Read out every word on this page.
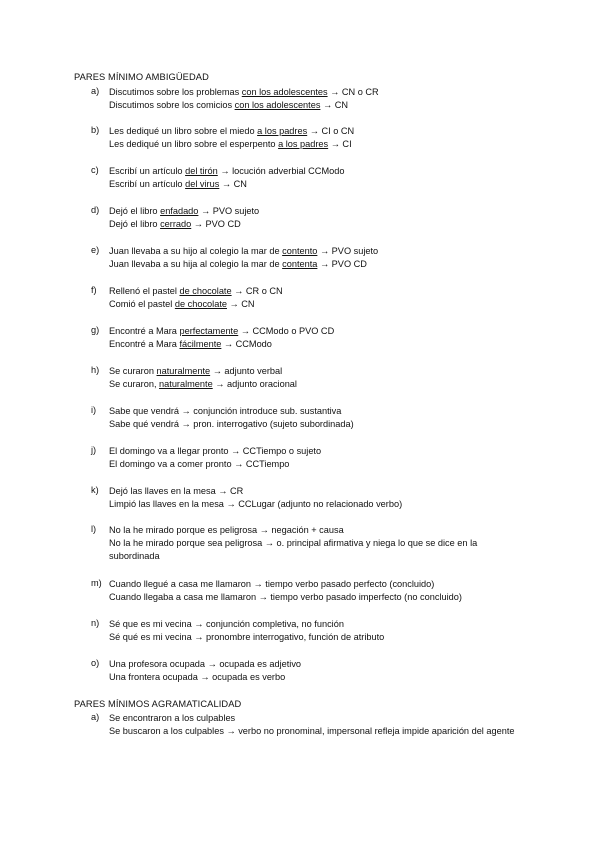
PARES MÍNIMO AMBIGÜEDAD
a) Discutimos sobre los problemas con los adolescentes → CN o CR
Discutimos sobre los comicios con los adolescentes → CN
b) Les dediqué un libro sobre el miedo a los padres → CI o CN
Les dediqué un libro sobre el esperpento a los padres → CI
c) Escribí un artículo del tirón → locución adverbial CCModo
Escribí un artículo del virus → CN
d) Dejó el libro enfadado → PVO sujeto
Dejó el libro cerrado → PVO CD
e) Juan llevaba a su hijo al colegio la mar de contento → PVO sujeto
Juan llevaba a su hija al colegio la mar de contenta → PVO CD
f) Rellenó el pastel de chocolate → CR o CN
Comió el pastel de chocolate → CN
g) Encontré a Mara perfectamente → CCModo o PVO CD
Encontré a Mara fácilmente → CCModo
h) Se curaron naturalmente → adjunto verbal
Se curaron, naturalmente → adjunto oracional
i) Sabe que vendrá → conjunción introduce sub. sustantiva
Sabe qué vendrá → pron. interrogativo (sujeto subordinada)
j) El domingo va a llegar pronto → CCTiempo o sujeto
El domingo va a comer pronto → CCTiempo
k) Dejó las llaves en la mesa → CR
Limpió las llaves en la mesa → CCLugar (adjunto no relacionado verbo)
l) No la he mirado porque es peligrosa → negación + causa
No la he mirado porque sea peligrosa → o. principal afirmativa y niega lo que se dice en la subordinada
m) Cuando llegué a casa me llamaron → tiempo verbo pasado perfecto (concluido)
Cuando llegaba a casa me llamaron → tiempo verbo pasado imperfecto (no concluido)
n) Sé que es mi vecina → conjunción completiva, no función
Sé qué es mi vecina → pronombre interrogativo, función de atributo
o) Una profesora ocupada → ocupada es adjetivo
Una frontera ocupada → ocupada es verbo
PARES MÍNIMOS AGRAMATICALIDAD
a) Se encontraron a los culpables
Se buscaron a los culpables → verbo no pronominal, impersonal refleja impide aparición del agente
